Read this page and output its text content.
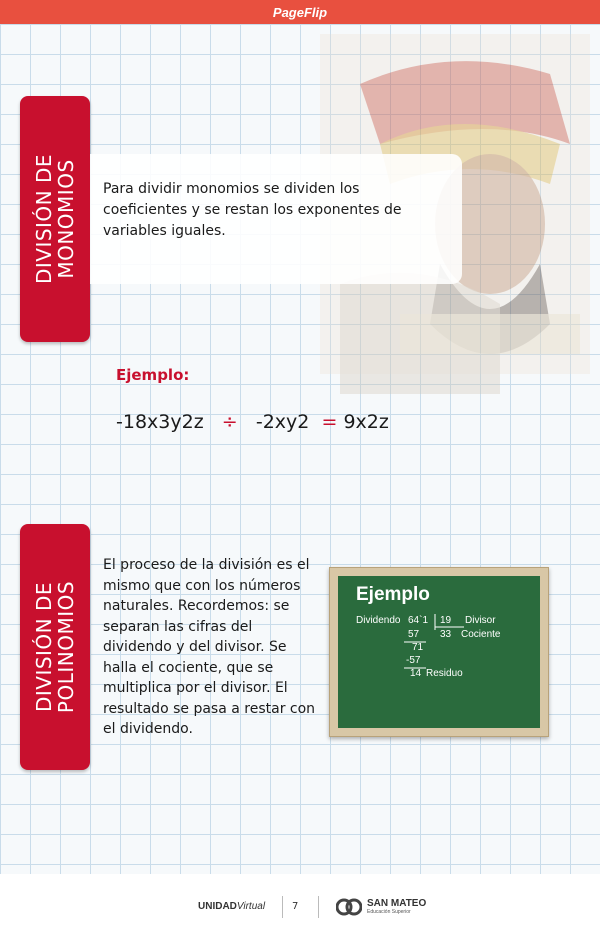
PageFlip
DIVISIÓN DE
MONOMIOS Para dividir monomios se dividen los coeficientes y se restan los exponentes de variables iguales.

Ejemplo:
-18x3y2z ÷ -2xy2 = 9x2z
DIVISIÓN DE
POLINOMIOS

El proceso de la división es el mismo que con los números naturales. Recordemos: se separan las cifras del dividendo y del divisor. Se halla el cociente, que se multiplica por el divisor. El resultado se pasa a restar con el dividendo.

Ejemplo
Dividendo 64`1 19 Divisor
57 33 Cociente
71
-57
14 Residuo
UNIDADVirtual	7	SAN MATEO
Educación Superior
